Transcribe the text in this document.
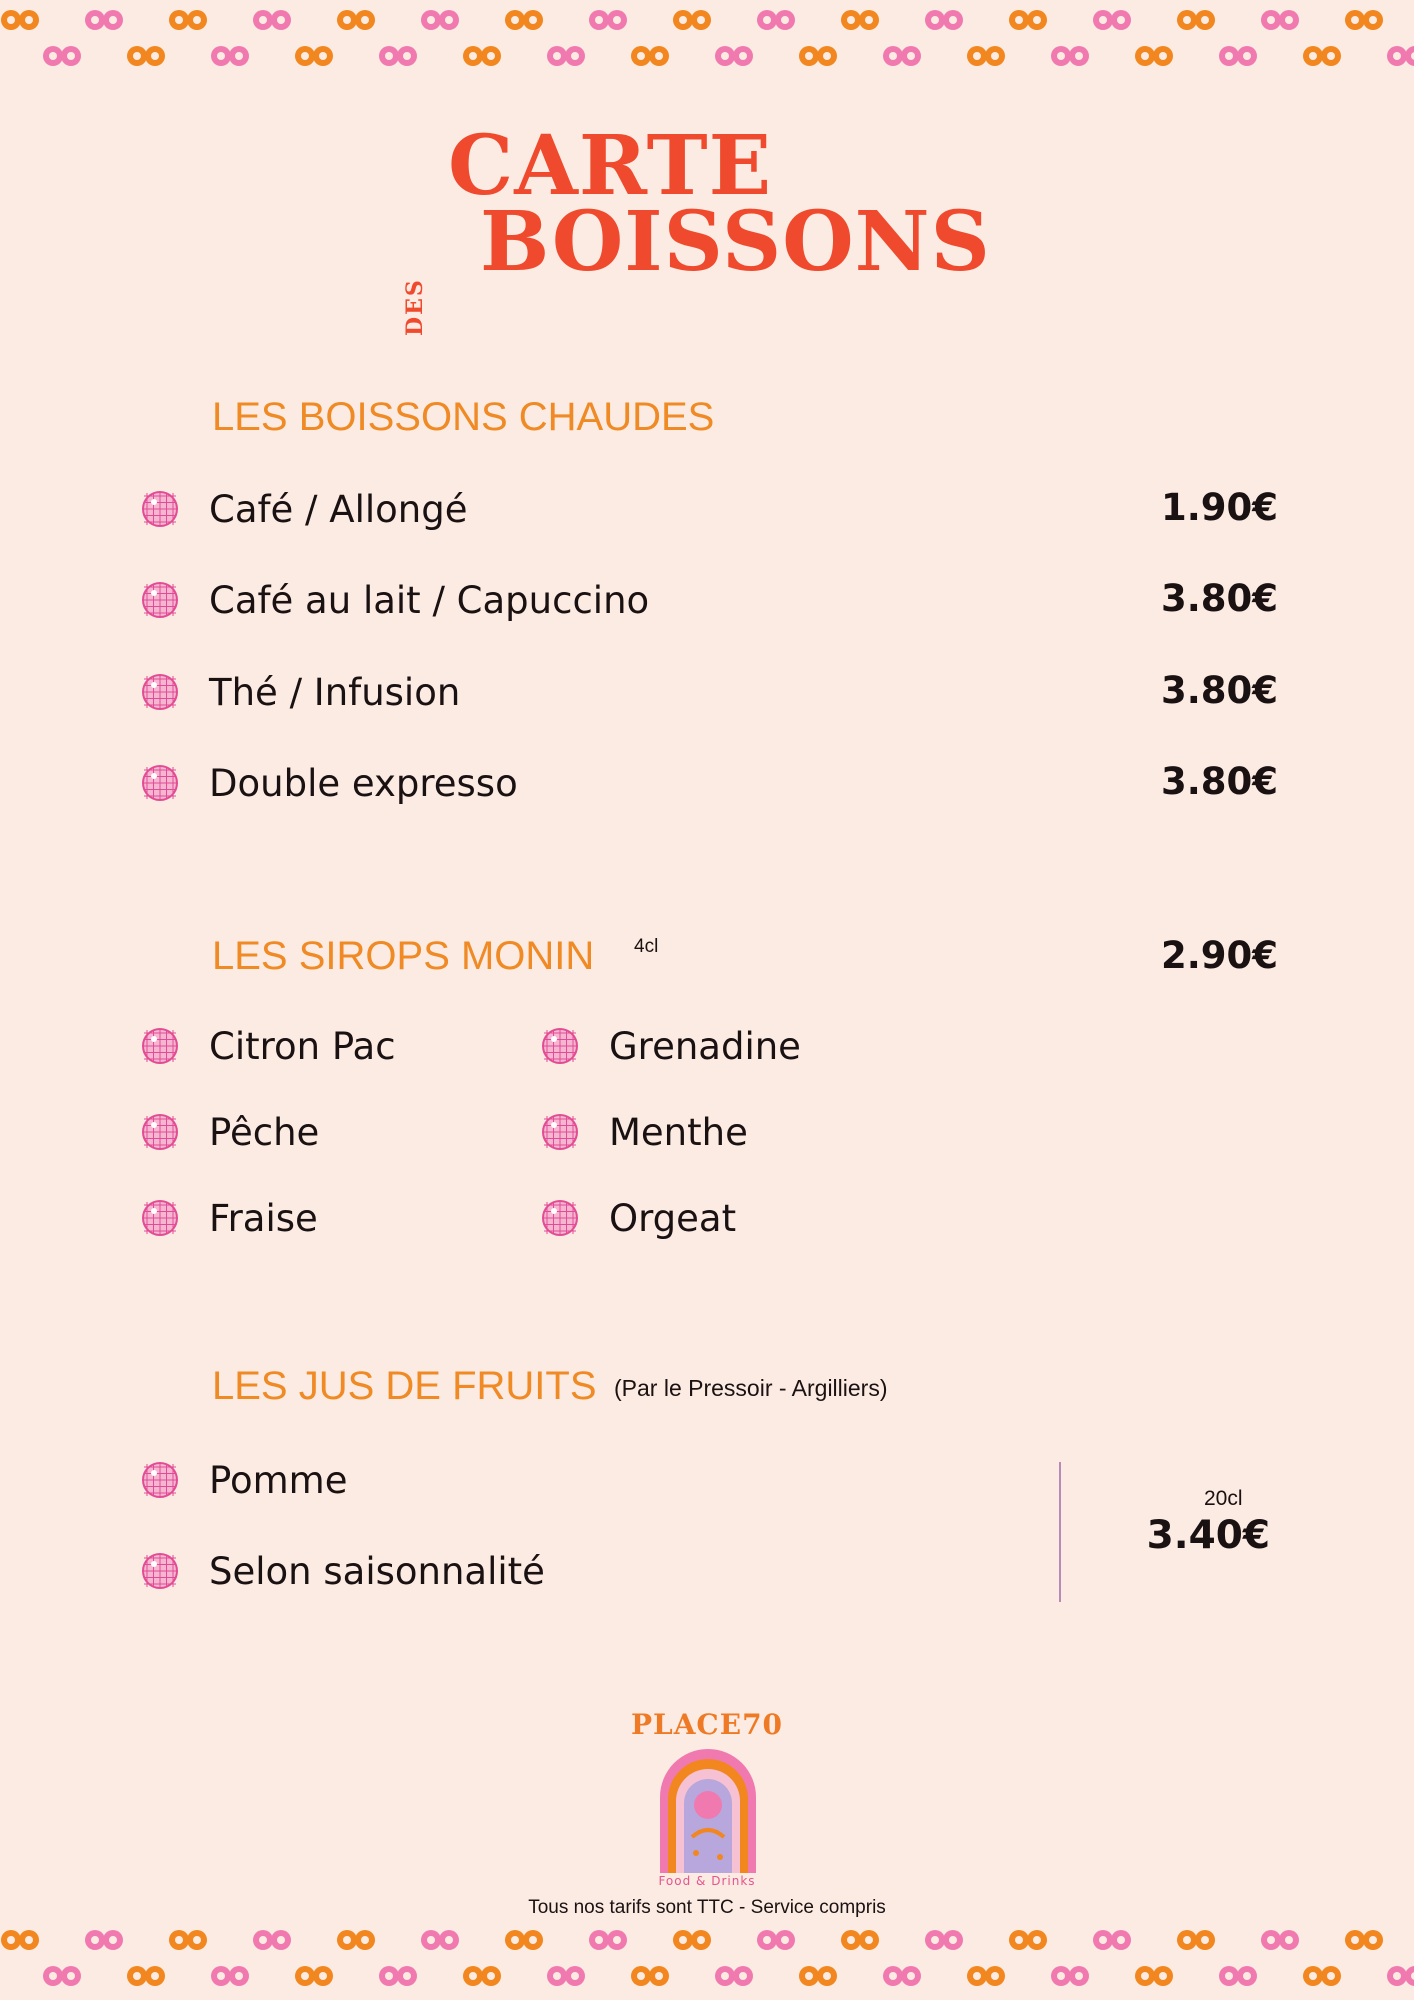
CARTE
DES
BOISSONS
LES BOISSONS CHAUDES
Café / Allongé	1.90€
Café au lait / Capuccino	3.80€
Thé / Infusion	3.80€
Double expresso	3.80€
LES SIROPS MONIN 4cl	2.90€
Citron Pac
Pêche
Fraise
Grenadine
Menthe
Orgeat
LES JUS DE FRUITS (Par le Pressoir - Argilliers)
Pomme
Selon saisonnalité
20cl
3.40€
PLACE70
Food & Drinks
Tous nos tarifs sont TTC - Service compris
